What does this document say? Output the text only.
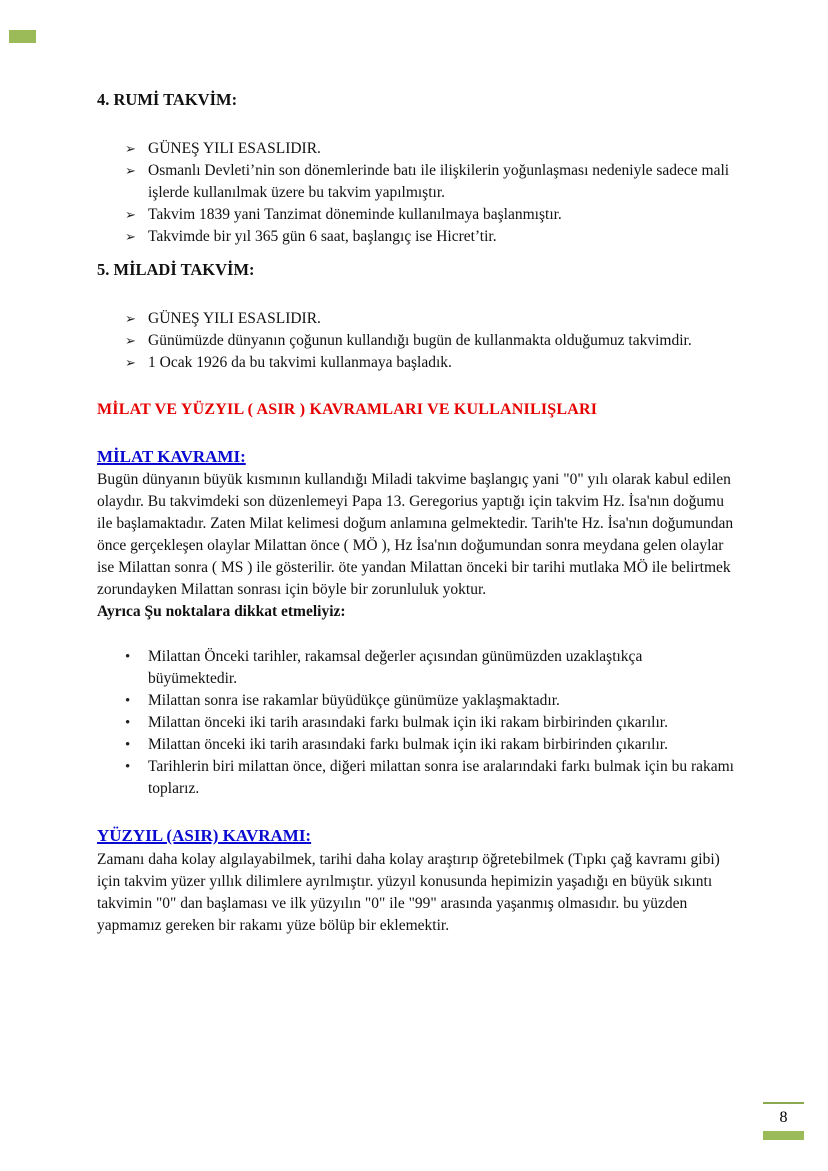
4. RUMİ TAKVİM:
➢ GÜNEŞ YILI ESASLIDIR.
➢ Osmanlı Devleti’nin son dönemlerinde batı ile ilişkilerin yoğunlaşması nedeniyle sadece mali işlerde kullanılmak üzere bu takvim yapılmıştır.
➢ Takvim 1839 yani Tanzimat döneminde kullanılmaya başlanmıştır.
➢ Takvimde bir yıl 365 gün 6 saat, başlangıç ise Hicret’tir.
5. MİLADİ TAKVİM:
➢ GÜNEŞ YILI ESASLIDIR.
➢ Günümüzde dünyanın çoğunun kullandığı bugün de kullanmakta olduğumuz takvimdir.
➢ 1 Ocak 1926 da bu takvimi kullanmaya başladık.
MİLAT VE YÜZYIL ( ASIR ) KAVRAMLARI VE KULLANILIŞLARI
MİLAT KAVRAMI:
Bugün dünyanın büyük kısmının kullandığı Miladi takvime başlangıç yani "0" yılı olarak kabul edilen olaydır. Bu takvimdeki son düzenlemeyi Papa 13. Geregorius yaptığı için takvim Hz. İsa'nın doğumu ile başlamaktadır. Zaten Milat kelimesi doğum anlamına gelmektedir. Tarih'te Hz. İsa'nın doğumundan önce gerçekleşen olaylar Milattan önce ( MÖ ), Hz İsa'nın doğumundan sonra meydana gelen olaylar ise Milattan sonra ( MS ) ile gösterilir. öte yandan Milattan önceki bir tarihi mutlaka MÖ ile belirtmek zorundayken Milattan sonrası için böyle bir zorunluluk yoktur.
Ayrıca Şu noktalara dikkat etmeliyiz:
•	Milattan Önceki tarihler, rakamsal değerler açısından günümüzden uzaklaştıkça büyümektedir.
•	Milattan sonra ise rakamlar büyüdükçe günümüze yaklaşmaktadır.
•	Milattan önceki iki tarih arasındaki farkı bulmak için iki rakam birbirinden çıkarılır.
•	Milattan önceki iki tarih arasındaki farkı bulmak için iki rakam birbirinden çıkarılır.
•	Tarihlerin biri milattan önce, diğeri milattan sonra ise aralarındaki farkı bulmak için bu rakamı toplarız.
YÜZYIL (ASIR) KAVRAMI:
Zamanı daha kolay algılayabilmek, tarihi daha kolay araştırıp öğretebilmek (Tıpkı çağ kavramı gibi) için takvim yüzer yıllık dilimlere ayrılmıştır. yüzyıl konusunda hepimizin yaşadığı en büyük sıkıntı takvimin "0" dan başlaması ve ilk yüzyılın "0" ile "99" arasında yaşanmış olmasıdır. bu yüzden yapmamız gereken bir rakamı yüze bölüp bir eklemektir.
8
